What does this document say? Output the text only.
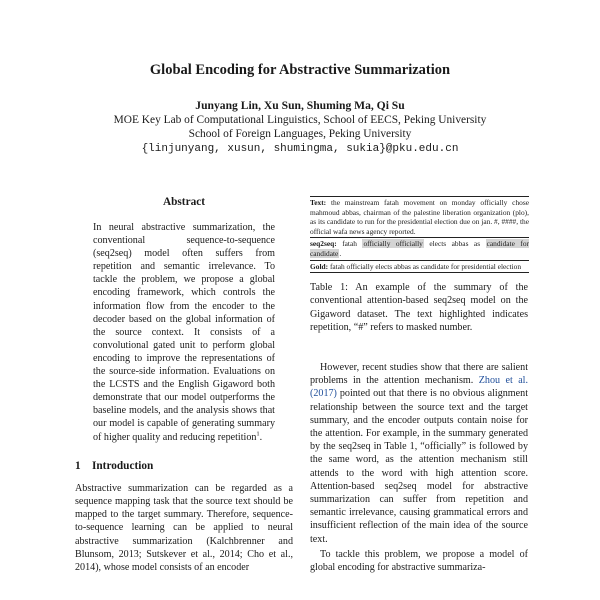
Global Encoding for Abstractive Summarization
Junyang Lin, Xu Sun, Shuming Ma, Qi Su
MOE Key Lab of Computational Linguistics, School of EECS, Peking University
School of Foreign Languages, Peking University
{linjunyang, xusun, shumingma, sukia}@pku.edu.cn
Abstract
In neural abstractive summarization, the conventional sequence-to-sequence (seq2seq) model often suffers from repetition and semantic irrelevance. To tackle the problem, we propose a global encoding framework, which controls the information flow from the encoder to the decoder based on the global information of the source context. It consists of a convolutional gated unit to perform global encoding to improve the representations of the source-side information. Evaluations on the LCSTS and the English Gigaword both demonstrate that our model outperforms the baseline models, and the analysis shows that our model is capable of generating summary of higher quality and reducing repetition$^1$.
1 Introduction
Abstractive summarization can be regarded as a sequence mapping task that the source text should be mapped to the target summary. Therefore, sequence-to-sequence learning can be applied to neural abstractive summarization (Kalchbrenner and Blunsom, 2013; Sutskever et al., 2014; Cho et al., 2014), whose model consists of an encoder
Text: the mainstream fatah movement on monday officially chose mahmoud abbas, chairman of the palestine liberation organization (plo), as its candidate to run for the presidential election due on jan. #, ####, the official wafa news agency reported.
seq2seq: fatah officially officially elects abbas as candidate for candidate.
Gold: fatah officially elects abbas as candidate for presidential election
Table 1: An example of the summary of the conventional attention-based seq2seq model on the Gigaword dataset. The text highlighted indicates repetition, “#” refers to masked number.
However, recent studies show that there are salient problems in the attention mechanism. Zhou et al. (2017) pointed out that there is no obvious alignment relationship between the source text and the target summary, and the encoder outputs contain noise for the attention. For example, in the summary generated by the seq2seq in Table 1, “officially” is followed by the same word, as the attention mechanism still attends to the word with high attention score. Attention-based seq2seq model for abstractive summarization can suffer from repetition and semantic irrelevance, causing grammatical errors and insufficient reflection of the main idea of the source text.
To tackle this problem, we propose a model of global encoding for abstractive summariza-
